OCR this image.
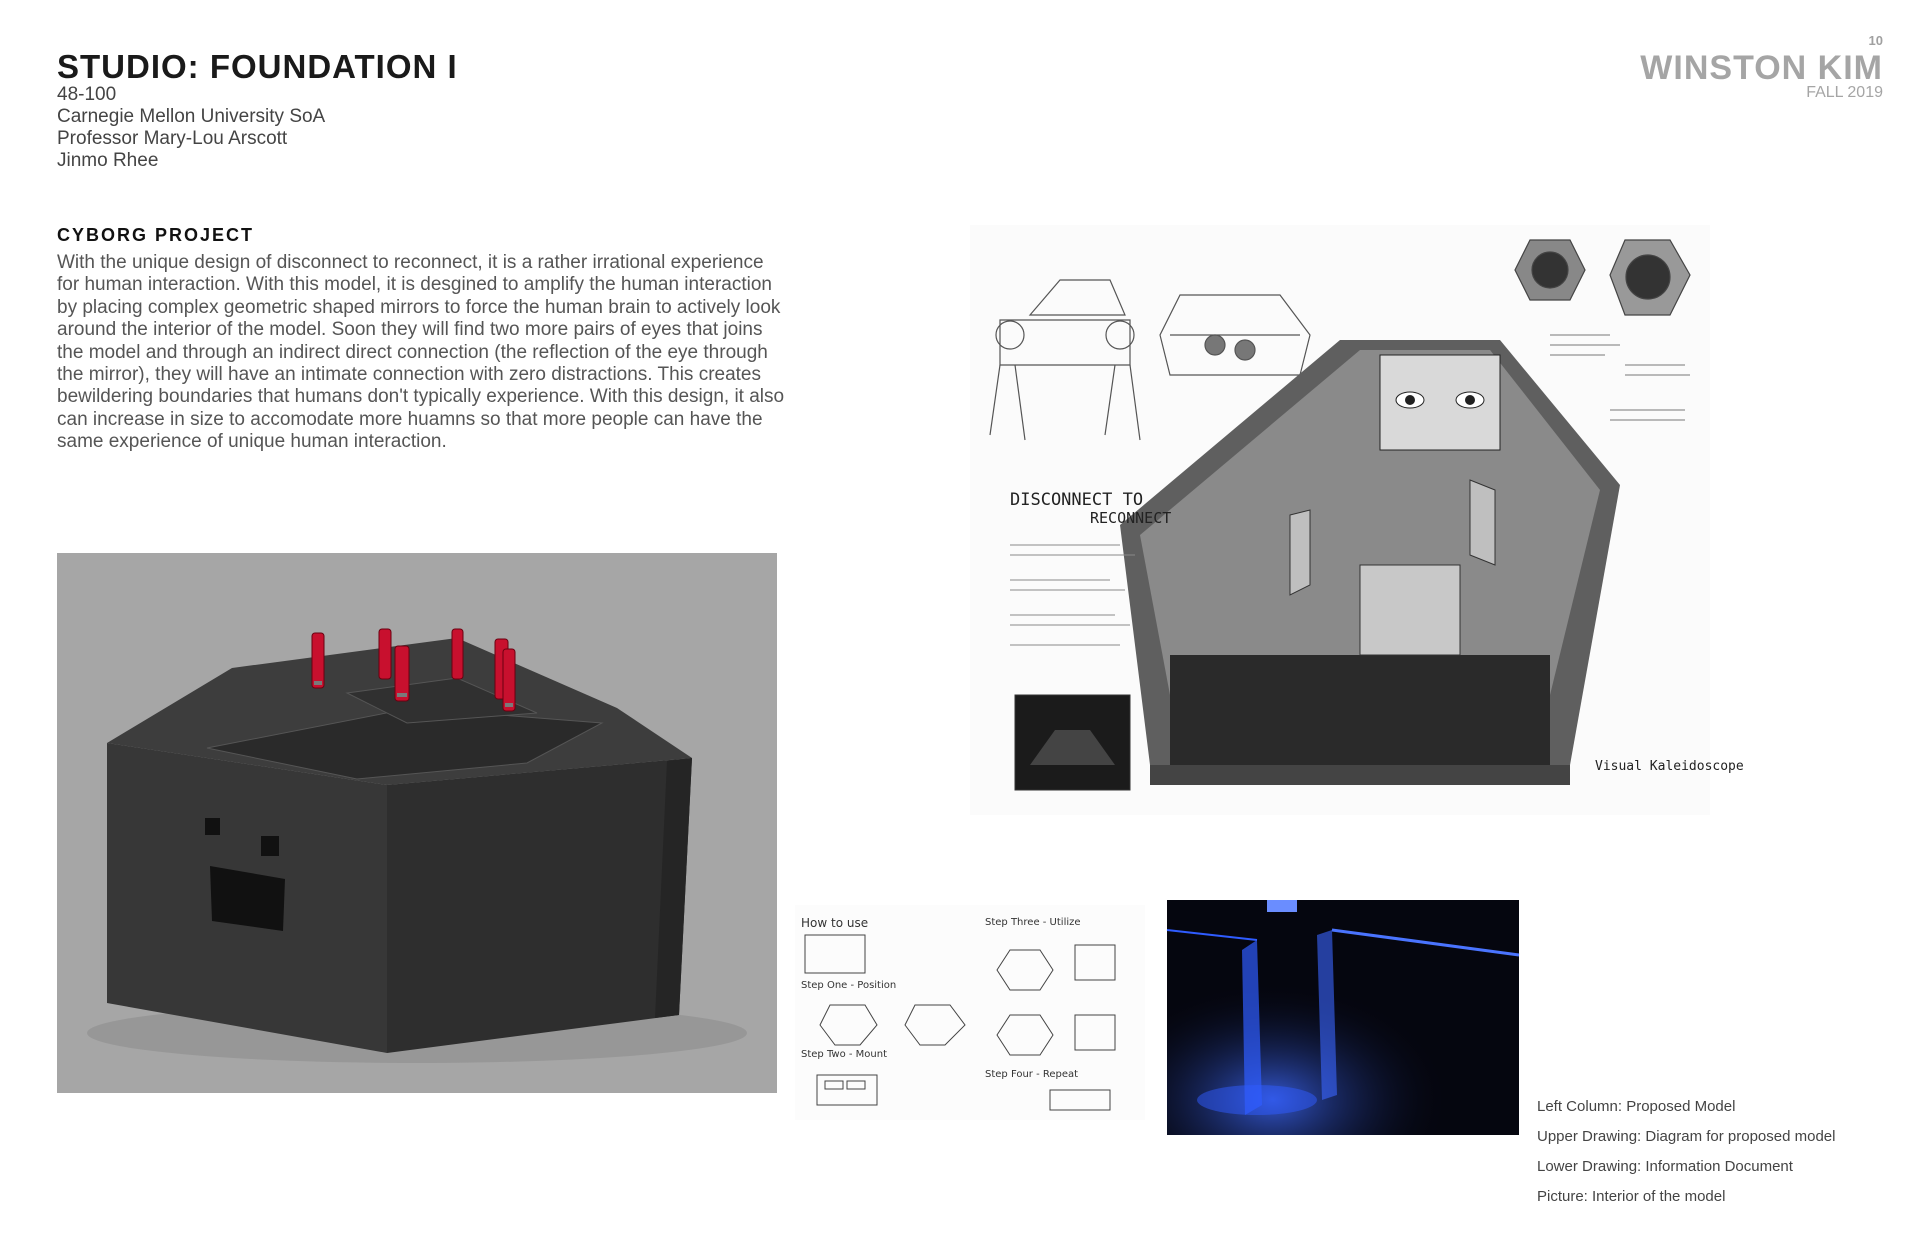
STUDIO: FOUNDATION I
48-100
Carnegie Mellon University SoA
Professor Mary-Lou Arscott
Jinmo Rhee
10
WINSTON KIM
FALL 2019
CYBORG PROJECT

With the unique design of disconnect to reconnect, it is a rather irrational experience for human interaction. With this model, it is desgined to amplify the human interaction by placing complex geometric shaped mirrors to force the human brain to actively look around the interior of the model. Soon they will find two more pairs of eyes that joins the model and through an indirect direct connection (the reflection of the eye through the mirror), they will have an intimate connection with zero distractions. This creates bewildering boundaries that humans don't typically experience. With this design, it also can increase in size to accomodate more huamns so that more people can have the same experience of unique human interaction.

DISCONNECT TO
RECONNECT
Visual Kaleidoscope
How to use
Step One - Position
Step Two - Mount
Step Three - Utilize
Step Four - Repeat
Left Column: Proposed Model
Upper Drawing: Diagram for proposed model
Lower Drawing: Information Document
Picture: Interior of the model
